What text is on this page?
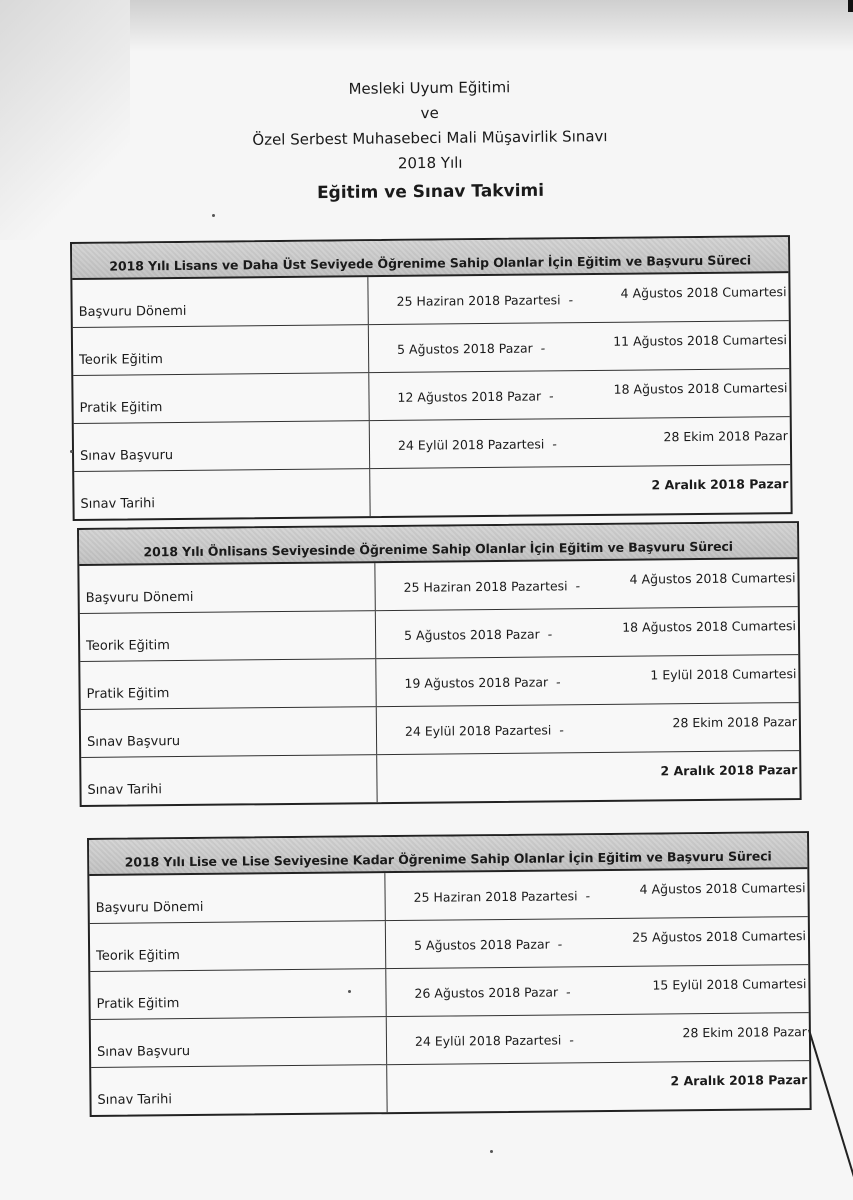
Mesleki Uyum Eğitimi
ve
Özel Serbest Muhasebeci Mali Müşavirlik Sınavı
2018 Yılı
Eğitim ve Sınav Takvimi
2018 Yılı Lisans ve Daha Üst Seviyede Öğrenime Sahip Olanlar İçin Eğitim ve Başvuru Süreci
Başvuru Dönemi
25 Haziran 2018 Pazartesi -	4 Ağustos 2018 Cumartesi
Teorik Eğitim
5 Ağustos 2018 Pazar -	11 Ağustos 2018 Cumartesi
Pratik Eğitim
12 Ağustos 2018 Pazar -	18 Ağustos 2018 Cumartesi
Sınav Başvuru
24 Eylül 2018 Pazartesi -	28 Ekim 2018 Pazar
Sınav Tarihi
2 Aralık 2018 Pazar
2018 Yılı Önlisans Seviyesinde Öğrenime Sahip Olanlar İçin Eğitim ve Başvuru Süreci
Başvuru Dönemi
25 Haziran 2018 Pazartesi -	4 Ağustos 2018 Cumartesi
Teorik Eğitim
5 Ağustos 2018 Pazar -	18 Ağustos 2018 Cumartesi
Pratik Eğitim
19 Ağustos 2018 Pazar -	1 Eylül 2018 Cumartesi
Sınav Başvuru
24 Eylül 2018 Pazartesi -	28 Ekim 2018 Pazar
Sınav Tarihi
2 Aralık 2018 Pazar
2018 Yılı Lise ve Lise Seviyesine Kadar Öğrenime Sahip Olanlar İçin Eğitim ve Başvuru Süreci
Başvuru Dönemi
25 Haziran 2018 Pazartesi -	4 Ağustos 2018 Cumartesi
Teorik Eğitim
5 Ağustos 2018 Pazar -	25 Ağustos 2018 Cumartesi
Pratik Eğitim
26 Ağustos 2018 Pazar -	15 Eylül 2018 Cumartesi
Sınav Başvuru
24 Eylül 2018 Pazartesi -	28 Ekim 2018 Pazar
Sınav Tarihi
2 Aralık 2018 Pazar
